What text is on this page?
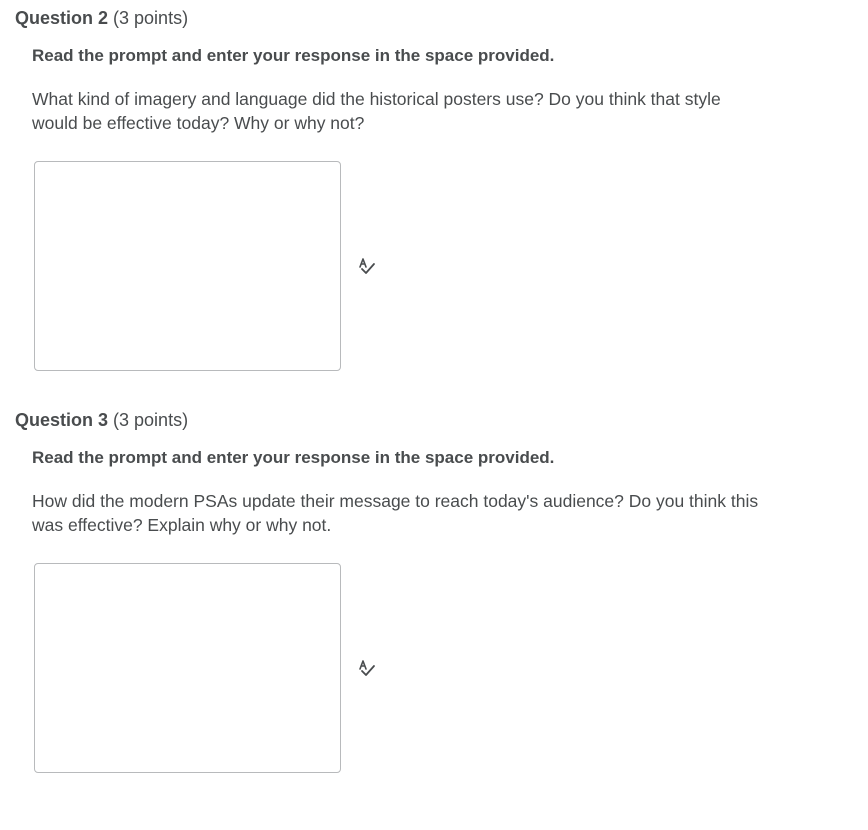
Question 2 (3 points)
Read the prompt and enter your response in the space provided.
What kind of imagery and language did the historical posters use? Do you think that style would be effective today? Why or why not?
Question 3 (3 points)
Read the prompt and enter your response in the space provided.
How did the modern PSAs update their message to reach today's audience? Do you think this was effective? Explain why or why not.
